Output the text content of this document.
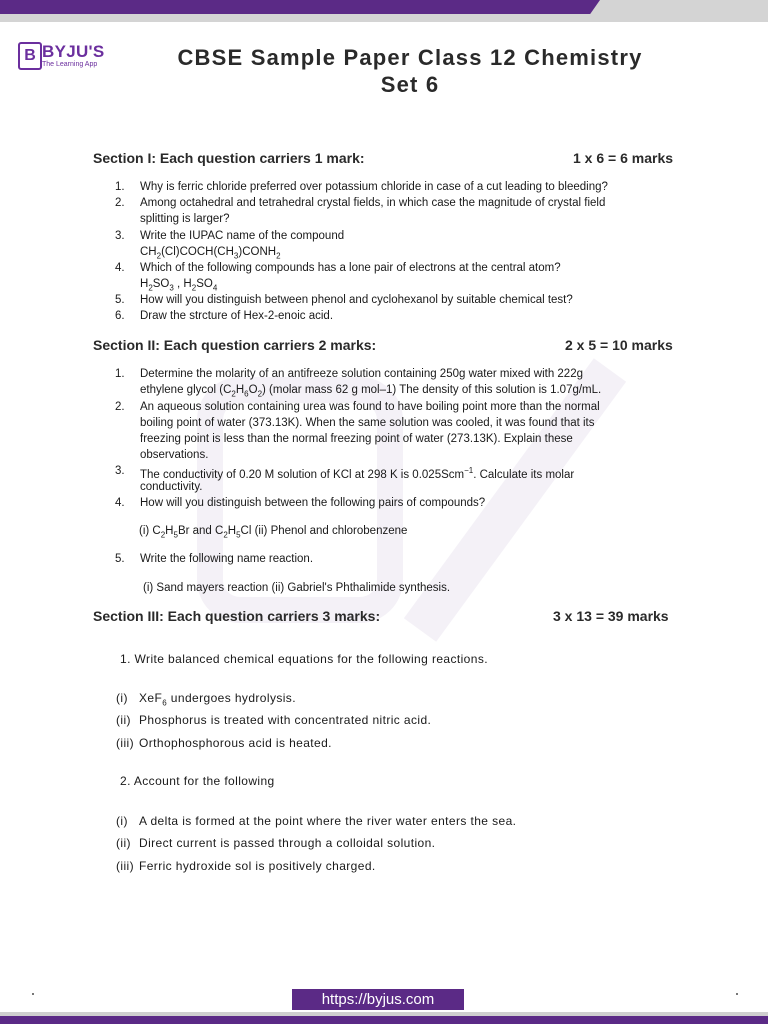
B BYJU'S
The Learning App	CBSE Sample Paper Class 12 Chemistry
Set 6
Section I: Each question carriers 1 mark:	1 x 6 = 6 marks
1. Why is ferric chloride preferred over potassium chloride in case of a cut leading to bleeding?
2. Among octahedral and tetrahedral crystal fields, in which case the magnitude of crystal field
splitting is larger?
3. Write the IUPAC name of the compound
$CH_2(Cl)COCH(CH_3)CONH_2$
4. Which of the following compounds has a lone pair of electrons at the central atom?
$H_2SO_3$ , $H_2SO_4$
5. How will you distinguish between phenol and cyclohexanol by suitable chemical test?
6. Draw the strcture of Hex-2-enoic acid.
Section II: Each question carriers 2 marks:	2 x 5 = 10 marks
1. Determine the molarity of an antifreeze solution containing 250g water mixed with 222g
ethylene glycol $(C_2H_6O_2)$ (molar mass 62 g mol–1) The density of this solution is 1.07g/mL.
2. An aqueous solution containing urea was found to have boiling point more than the normal
boiling point of water (373.13K). When the same solution was cooled, it was found that its
freezing point is less than the normal freezing point of water (273.13K). Explain these
observations.
3. The conductivity of 0.20 M solution of KCl at 298 K is 0.025Scm$^{-1}$. Calculate its molar
conductivity.
4. How will you distinguish between the following pairs of compounds?
(i) $C_2H_5Br$ and $C_2H_5Cl$ (ii) Phenol and chlorobenzene
5. Write the following name reaction.
(i) Sand mayers reaction (ii) Gabriel's Phthalimide synthesis.
Section III: Each question carriers 3 marks:	3 x 13 = 39 marks
1. Write balanced chemical equations for the following reactions.
(i) XeF$_6$ undergoes hydrolysis.
(ii) Phosphorus is treated with concentrated nitric acid.
(iii) Orthophosphorous acid is heated.
2. Account for the following
(i) A delta is formed at the point where the river water enters the sea.
(ii) Direct current is passed through a colloidal solution.
(iii) Ferric hydroxide sol is positively charged.
https://byjus.com
